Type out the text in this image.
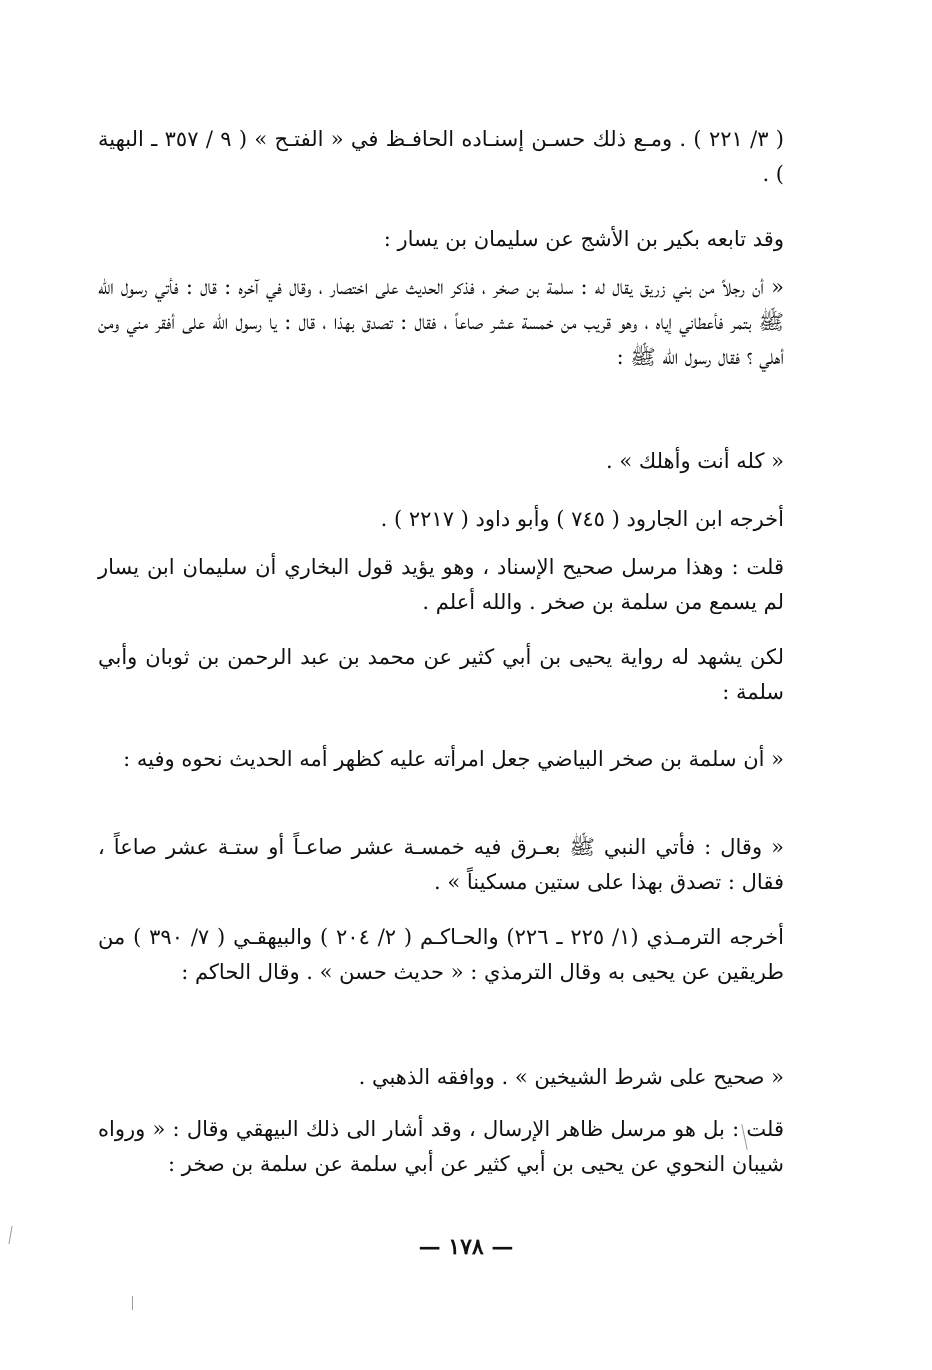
( ٣/ ٢٢١ ) . ومـع ذلك حسـن إسنـاده الحافـظ في « الفتـح » ( ٩ / ٣٥٧ ـ البهية ) .

وقد تابعه بكير بن الأشج عن سليمان بن يسار :

« أن رجلاً من بني زريق يقال له : سلمة بن صخر ، فذكر الحديث على اختصار ، وقال في آخره : قال : فأتي رسول الله ﷺ بتمر فأعطاني إياه ، وهو قريب من خمسة عشر صاعاً ، فقال : تصدق بهذا ، قال : يا رسول الله على أفقر مني ومن أهلي ؟ فقال رسول الله ﷺ :

« كله أنت وأهلك » .

أخرجه ابن الجارود ( ٧٤٥ ) وأبو داود ( ٢٢١٧ ) .

قلت : وهذا مرسل صحيح الإسناد ، وهو يؤيد قول البخاري أن سليمان ابن يسار لم يسمع من سلمة بن صخر . والله أعلم .

لكن يشهد له رواية يحيى بن أبي كثير عن محمد بن عبد الرحمن بن ثوبان وأبي سلمة :

« أن سلمة بن صخر البياضي جعل امرأته عليه كظهر أمه الحديث نحوه وفيه :

« وقال : فأتي النبي ﷺ بعـرق فيه خمسـة عشر صاعـاً أو ستـة عشر صاعاً ، فقال : تصدق بهذا على ستين مسكيناً » .

أخرجه الترمـذي (١/ ٢٢٥ ـ ٢٢٦) والحـاكـم ( ٢/ ٢٠٤ ) والبيهقـي ( ٧/ ٣٩٠ ) من طريقين عن يحيى به وقال الترمذي : « حديث حسن » . وقال الحاكم :

« صحيح على شرط الشيخين » . ووافقه الذهبي .

قلت : بل هو مرسل ظاهر الإرسال ، وقد أشار الى ذلك البيهقي وقال : « ورواه شيبان النحوي عن يحيى بن أبي كثير عن أبي سلمة عن سلمة بن صخر :

— ١٧٨ —
